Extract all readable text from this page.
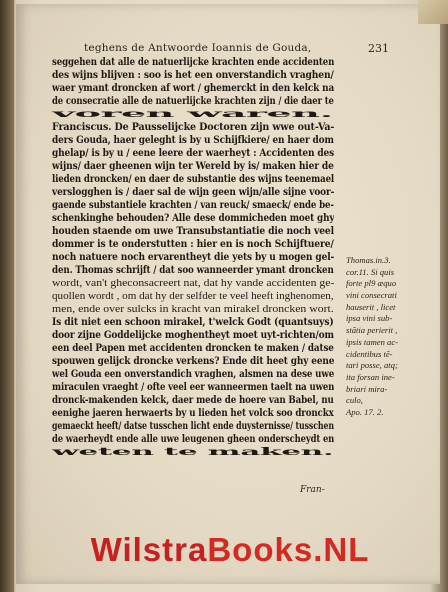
teghens de Antwoorde Ioannis de Gouda,	231
seggehen dat alle de natuerlijcke krachten ende accidenten
des wijns blijven : soo is het een onverstandich vraghen/
waer ymant droncken af wort / ghemerckt in den kelck na
de consecratie alle de natuerlijcke krachten zijn / die daer te
voren waren.
Franciscus. De Pausselijcke Doctoren zijn wwe out-Va-
ders Gouda, haer geleght is by u Schijfkiere/ en haer dom
ghelap/ is by u / eene leere der waerheyt : Accidenten des
wijns/ daer gheenen wijn ter Wereld by is/ maken hier de
lieden droncken/ en daer de substantie des wijns teenemael
verslogghen is / daer sal de wijn geen wijn/alle sijne voor-
gaende substantiele krachten / van reuck/ smaeck/ ende be-
schenkinghe behouden? Alle dese dommicheden moet ghy
houden staende om uwe Transubstantiatie die noch veel
dommer is te onderstutten : hier en is noch Schijftuere/
noch natuere noch ervarentheyt die yets by u mogen gel-
den. Thomas schrijft / dat soo wanneerder ymant droncken
wordt, van't gheconsacreert nat, dat hy vande accidenten ge-
quollen wordt , om dat hy der selfder te veel heeft inghenomen,
men, ende over sulcks in kracht van mirakel droncken wort.
Is dit niet een schoon mirakel, t'welck Godt (quantsuys)
door zijne Goddelijcke moghentheyt moet uyt-richten/om
een deel Papen met accidenten droncken te maken / datse
spouwen gelijck droncke verkens? Ende dit heet ghy eene
wel Gouda een onverstandich vraghen, alsmen na dese uwe
miraculen vraeght / ofte veel eer wanneermen taelt na uwen
dronck-makenden kelck, daer mede de hoere van Babel, nu
eenighe jaeren herwaerts by u lieden het volck soo dronckx
gemaeckt heeft/ datse tusschen licht ende duysternisse/ tusschen
de waerheydt ende alle uwe leugenen gheen onderscheydt en
weten te maken.
Thomas.in.3.
cor.11. Si quis
forte pl9 æquo
vini consecrati
hauserit , licet
ipsa vini sub-
stãtia perierit ,
ipsis tamen ac-
cidentibus tẽ-
tari posse, atq;
ita forsan ine-
briari mira-
culo,
Apo. 17. 2.
Fran-
WilstraBooks.NL
